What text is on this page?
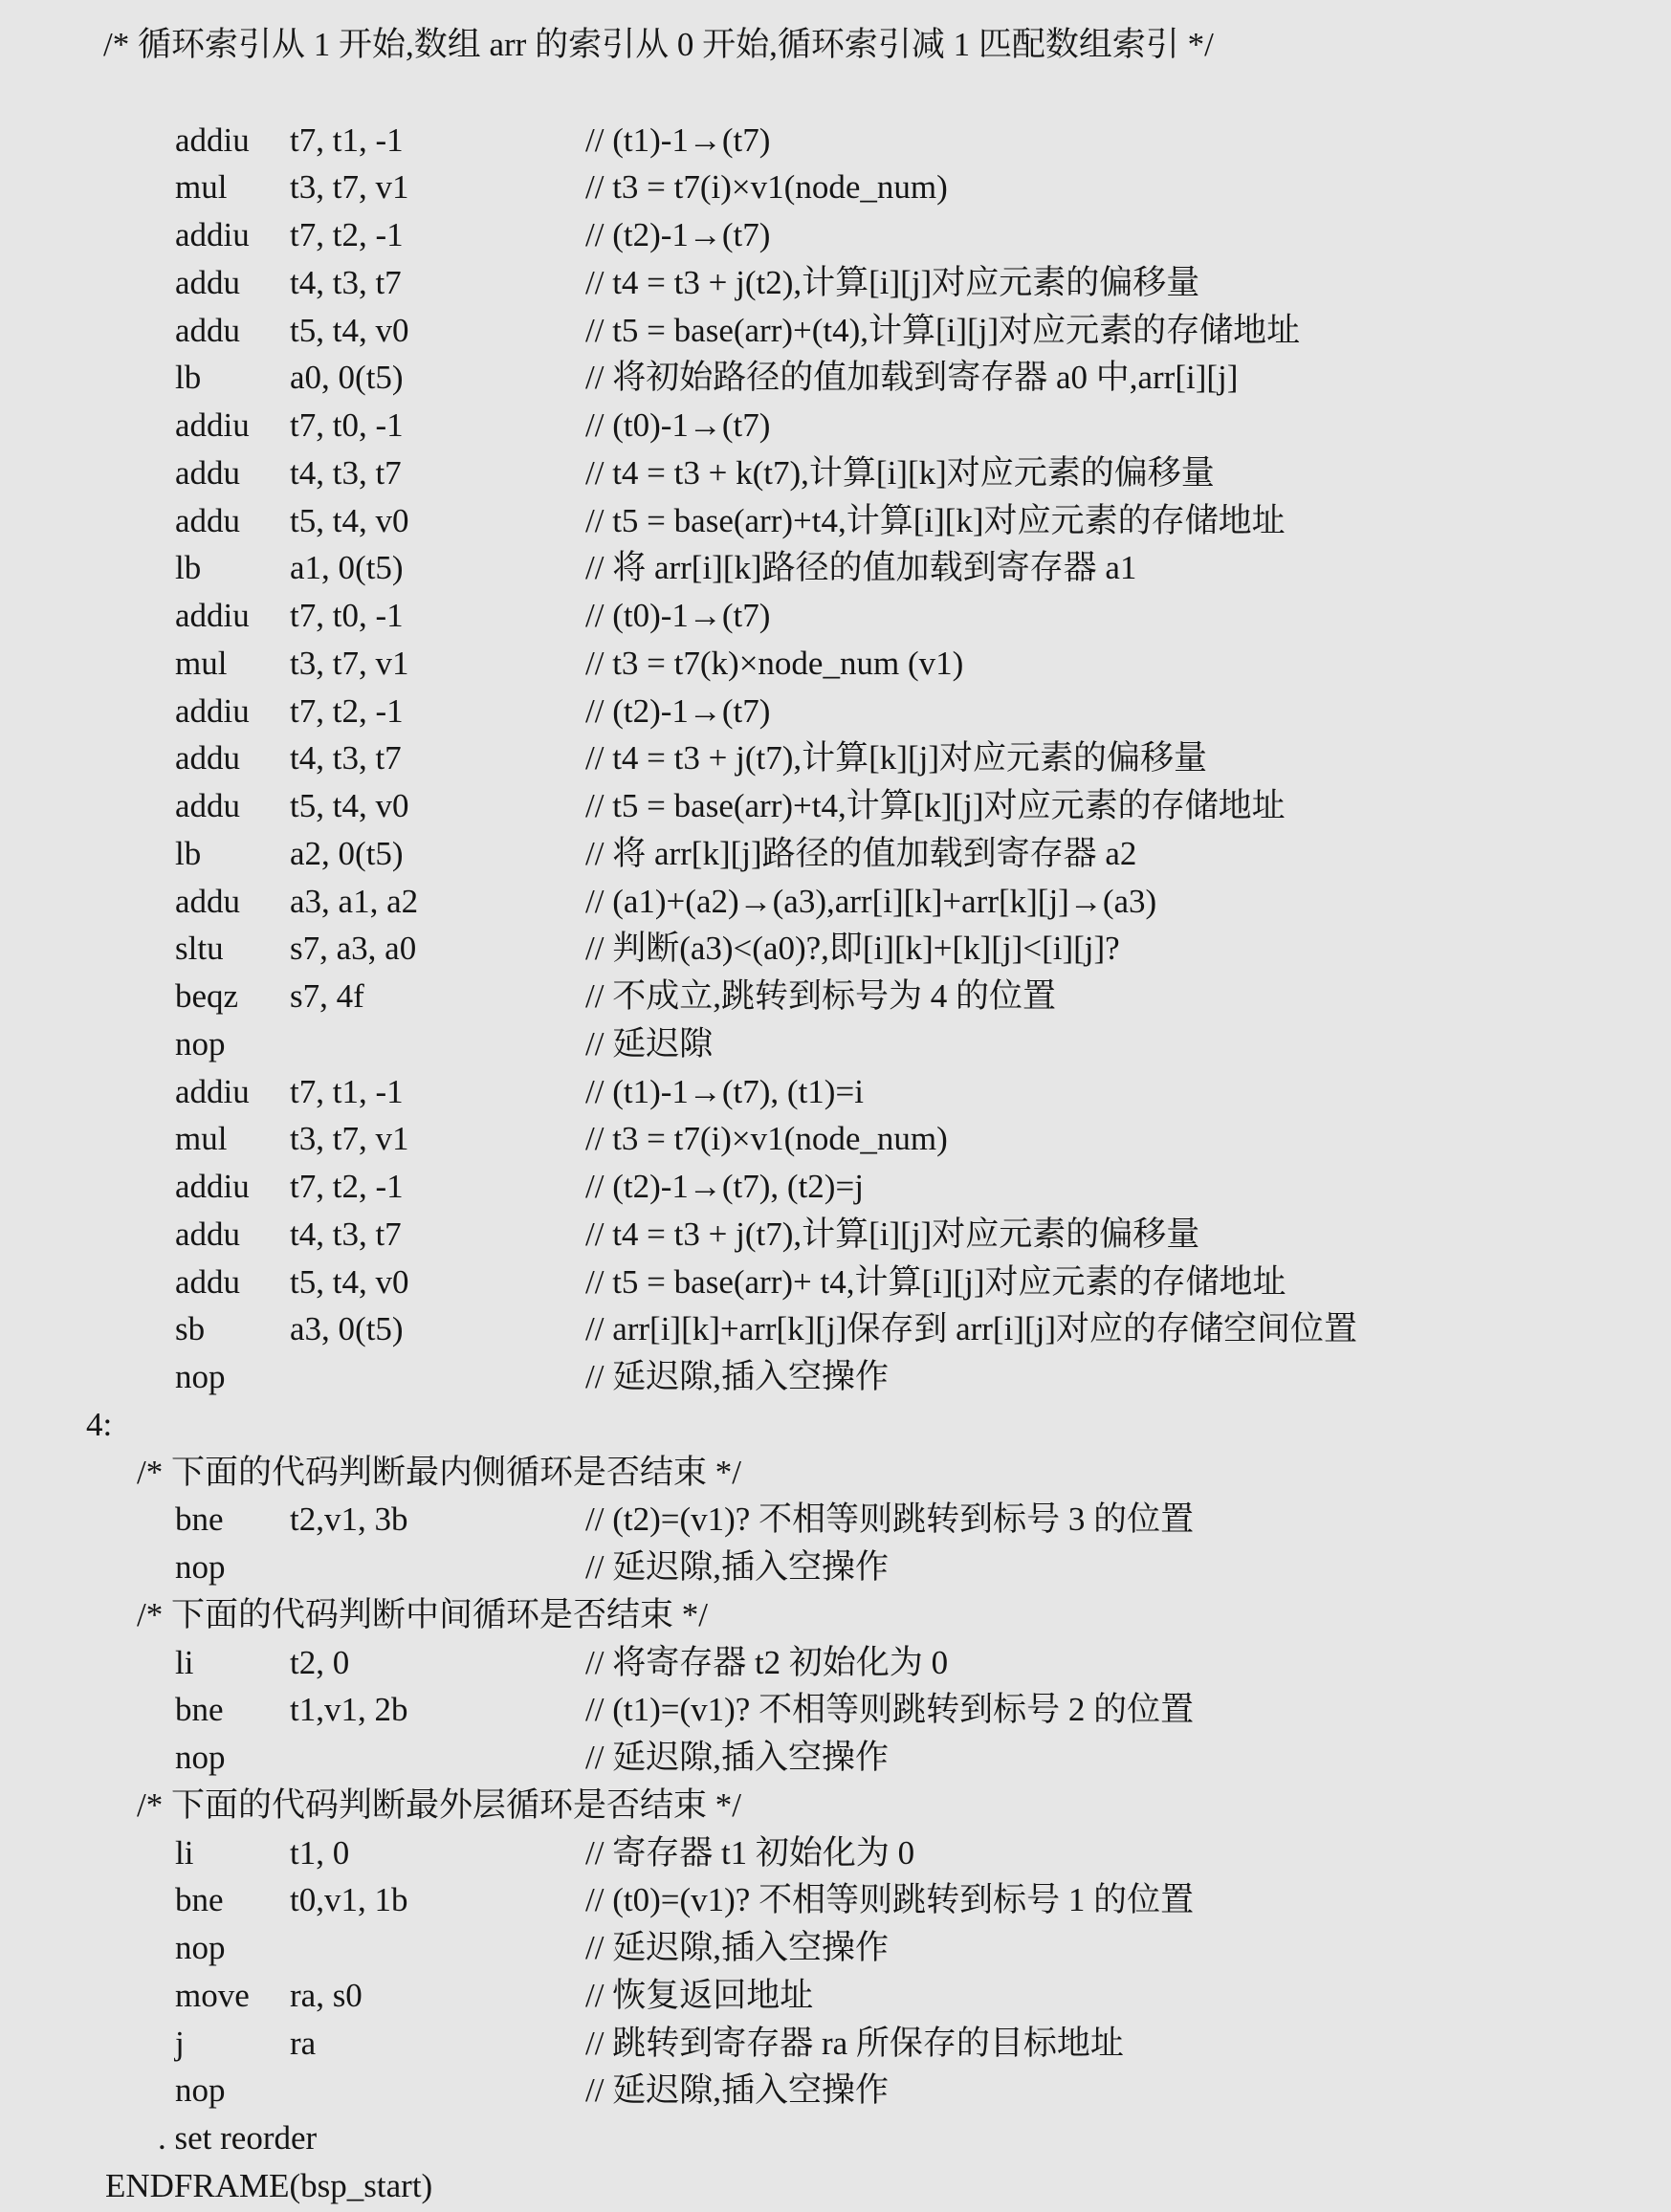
/* 循环索引从 1 开始,数组 arr 的索引从 0 开始,循环索引减 1 匹配数组索引 */
addiu t7, t1, -1	// (t1)-1→(t7)
mul t3, t7, v1	// t3 = t7(i)×v1(node_num)
addiu t7, t2, -1	// (t2)-1→(t7)
addu t4, t3, t7	// t4 = t3 + j(t2),计算[i][j]对应元素的偏移量
addu t5, t4, v0	// t5 = base(arr)+(t4),计算[i][j]对应元素的存储地址
lb	a0, 0(t5)	// 将初始路径的值加载到寄存器 a0 中,arr[i][j]
addiu t7, t0, -1	// (t0)-1→(t7)
addu t4, t3, t7	// t4 = t3 + k(t7),计算[i][k]对应元素的偏移量
addu t5, t4, v0	// t5 = base(arr)+t4,计算[i][k]对应元素的存储地址
lb	a1, 0(t5)	// 将 arr[i][k]路径的值加载到寄存器 a1
addiu t7, t0, -1	// (t0)-1→(t7)
mul t3, t7, v1	// t3 = t7(k)×node_num (v1)
addiu t7, t2, -1	// (t2)-1→(t7)
addu t4, t3, t7	// t4 = t3 + j(t7),计算[k][j]对应元素的偏移量
addu t5, t4, v0	// t5 = base(arr)+t4,计算[k][j]对应元素的存储地址
lb	a2, 0(t5)	// 将 arr[k][j]路径的值加载到寄存器 a2
addu a3, a1, a2	// (a1)+(a2)→(a3),arr[i][k]+arr[k][j]→(a3)
sltu s7, a3, a0	// 判断(a3)<(a0)?,即[i][k]+[k][j]<[i][j]?
beqz s7, 4f	// 不成立,跳转到标号为 4 的位置
nop	// 延迟隙
addiu t7, t1, -1	// (t1)-1→(t7), (t1)=i
mul t3, t7, v1	// t3 = t7(i)×v1(node_num)
addiu t7, t2, -1	// (t2)-1→(t7), (t2)=j
addu t4, t3, t7	// t4 = t3 + j(t7),计算[i][j]对应元素的偏移量
addu t5, t4, v0	// t5 = base(arr)+ t4,计算[i][j]对应元素的存储地址
sb	a3, 0(t5)	// arr[i][k]+arr[k][j]保存到 arr[i][j]对应的存储空间位置
nop	// 延迟隙,插入空操作
4:
/* 下面的代码判断最内侧循环是否结束 */
bne t2,v1, 3b	// (t2)=(v1)? 不相等则跳转到标号 3 的位置
nop	// 延迟隙,插入空操作
/* 下面的代码判断中间循环是否结束 */
li	t2, 0	// 将寄存器 t2 初始化为 0
bne t1,v1, 2b	// (t1)=(v1)? 不相等则跳转到标号 2 的位置
nop	// 延迟隙,插入空操作
/* 下面的代码判断最外层循环是否结束 */
li	t1, 0	// 寄存器 t1 初始化为 0
bne t0,v1, 1b	// (t0)=(v1)? 不相等则跳转到标号 1 的位置
nop	// 延迟隙,插入空操作
move ra, s0	// 恢复返回地址
j	ra	// 跳转到寄存器 ra 所保存的目标地址
nop	// 延迟隙,插入空操作
. set reorder
ENDFRAME(bsp_start)
